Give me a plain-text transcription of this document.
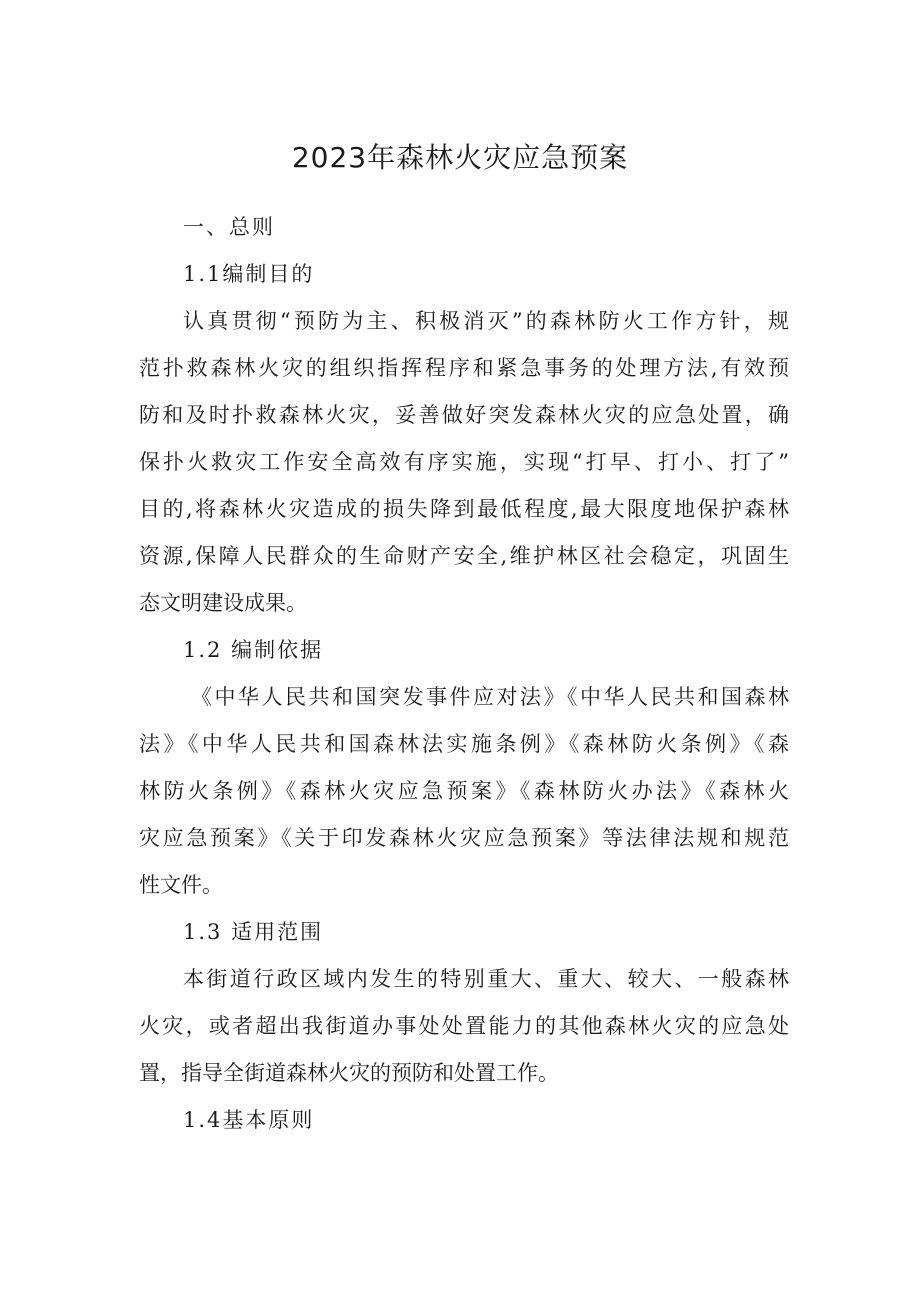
2023年森林火灾应急预案
一、总则
1.1编制目的
认真贯彻“预防为主、积极消灭”的森林防火工作方针，规
范扑救森林火灾的组织指挥程序和紧急事务的处理方法,有效预
防和及时扑救森林火灾，妥善做好突发森林火灾的应急处置，确
保扑火救灾工作安全高效有序实施，实现“打早、打小、打了”
目的,将森林火灾造成的损失降到最低程度,最大限度地保护森林
资源,保障人民群众的生命财产安全,维护林区社会稳定，巩固生
态文明建设成果。
1.2 编制依据
《中华人民共和国突发事件应对法》《中华人民共和国森林
法》《中华人民共和国森林法实施条例》《森林防火条例》《森
林防火条例》《森林火灾应急预案》《森林防火办法》《森林火
灾应急预案》《关于印发森林火灾应急预案》等法律法规和规范
性文件。
1.3 适用范围
本街道行政区域内发生的特别重大、重大、较大、一般森林
火灾，或者超出我街道办事处处置能力的其他森林火灾的应急处
置，指导全街道森林火灾的预防和处置工作。
1.4基本原则
